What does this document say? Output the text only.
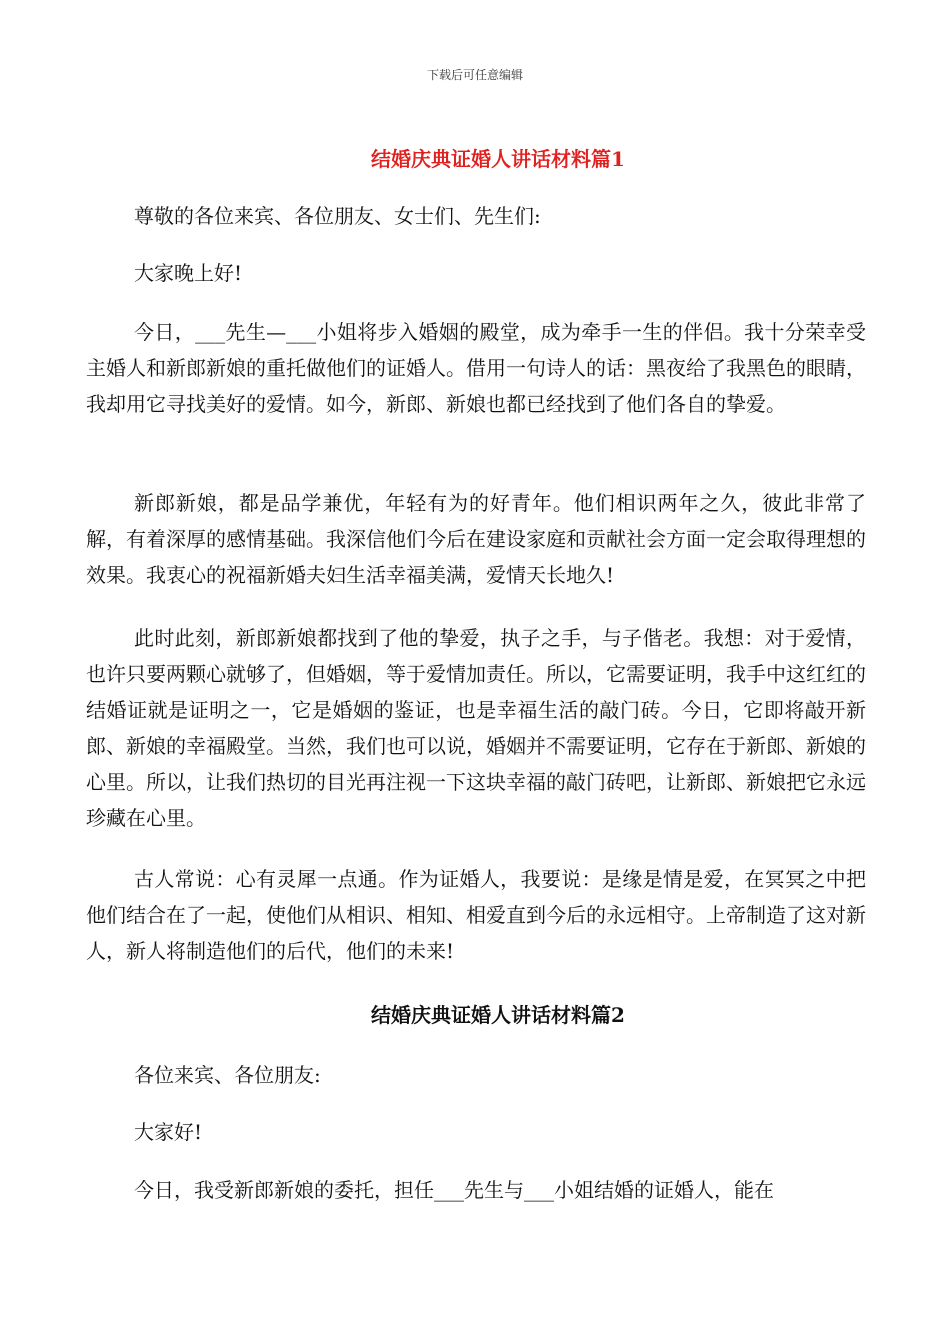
下载后可任意编辑
结婚庆典证婚人讲话材料篇1

尊敬的各位来宾、各位朋友、女士们、先生们:

大家晚上好!

今日，___先生—___小姐将步入婚姻的殿堂，成为牵手一生的伴侣。我十分荣幸受主婚人和新郎新娘的重托做他们的证婚人。借用一句诗人的话：黑夜给了我黑色的眼睛，我却用它寻找美好的爱情。如今，新郎、新娘也都已经找到了他们各自的挚爱。

新郎新娘，都是品学兼优，年轻有为的好青年。他们相识两年之久，彼此非常了解，有着深厚的感情基础。我深信他们今后在建设家庭和贡献社会方面一定会取得理想的效果。我衷心的祝福新婚夫妇生活幸福美满，爱情天长地久!

此时此刻，新郎新娘都找到了他的挚爱，执子之手，与子偕老。我想：对于爱情，也许只要两颗心就够了，但婚姻，等于爱情加责任。所以，它需要证明，我手中这红红的结婚证就是证明之一，它是婚姻的鉴证，也是幸福生活的敲门砖。今日，它即将敲开新郎、新娘的幸福殿堂。当然，我们也可以说，婚姻并不需要证明，它存在于新郎、新娘的心里。所以，让我们热切的目光再注视一下这块幸福的敲门砖吧，让新郎、新娘把它永远珍藏在心里。

古人常说：心有灵犀一点通。作为证婚人，我要说：是缘是情是爱，在冥冥之中把他们结合在了一起，使他们从相识、相知、相爱直到今后的永远相守。上帝制造了这对新人，新人将制造他们的后代，他们的未来!

结婚庆典证婚人讲话材料篇2

各位来宾、各位朋友:

大家好!

今日，我受新郎新娘的委托，担任___先生与___小姐结婚的证婚人，能在
